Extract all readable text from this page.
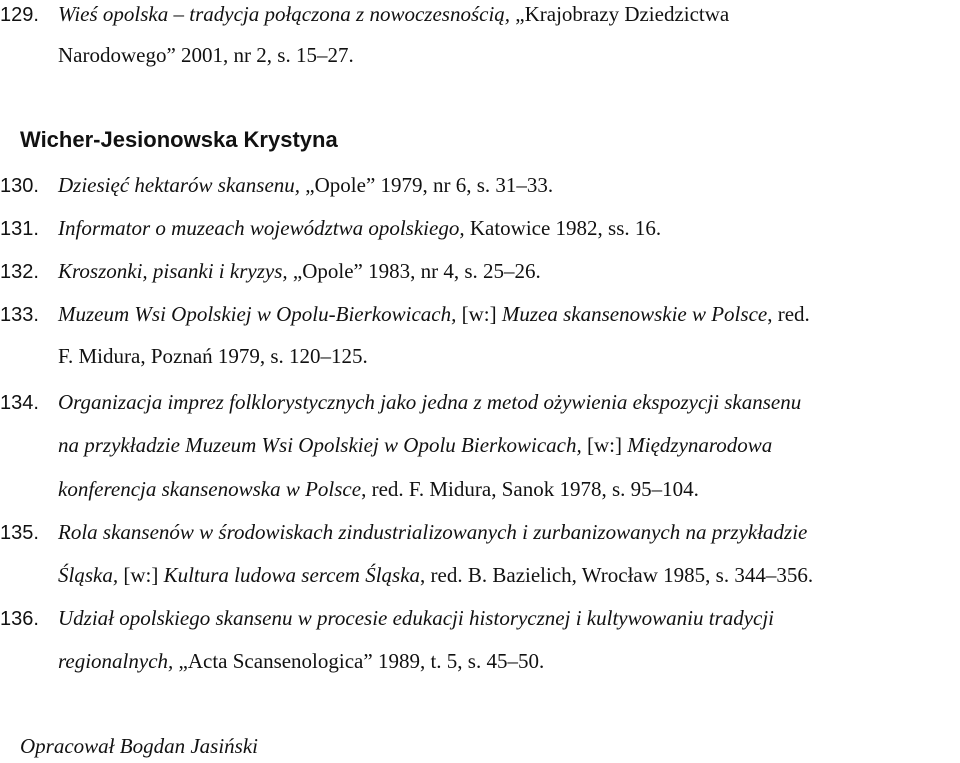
129. Wieś opolska – tradycja połączona z nowoczesnością, „Krajobrazy Dziedzictwa
Narodowego” 2001, nr 2, s. 15–27.
Wicher-Jesionowska Krystyna
130. Dziesięć hektarów skansenu, „Opole” 1979, nr 6, s. 31–33.
131. Informator o muzeach województwa opolskiego, Katowice 1982, ss. 16.
132. Kroszonki, pisanki i kryzys, „Opole” 1983, nr 4, s. 25–26.
133. Muzeum Wsi Opolskiej w Opolu-Bierkowicach, [w:] Muzea skansenowskie w Polsce, red.
F. Midura, Poznań 1979, s. 120–125.
134. Organizacja imprez folklorystycznych jako jedna z metod ożywienia ekspozycji skansenu
na przykładzie Muzeum Wsi Opolskiej w Opolu Bierkowicach, [w:] Międzynarodowa
konferencja skansenowska w Polsce, red. F. Midura, Sanok 1978, s. 95–104.
135. Rola skansenów w środowiskach zindustrializowanych i zurbanizowanych na przykładzie
Śląska, [w:] Kultura ludowa sercem Śląska, red. B. Bazielich, Wrocław 1985, s. 344–356.
136. Udział opolskiego skansenu w procesie edukacji historycznej i kultywowaniu tradycji
regionalnych, „Acta Scansenologica” 1989, t. 5, s. 45–50.
Opracował Bogdan Jasiński
